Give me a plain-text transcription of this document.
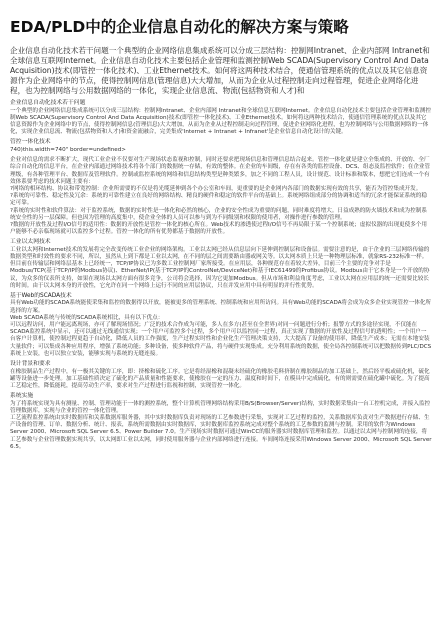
EDA/PLD中的企业信息自动化的解决方案与策略

企业信息自动化技术若干问题一个典型的企业网络信息集成系统可以分成三层结构：控制网Intranet、企业内部网 Intranet和全球信息互联网Internet。企业信息自动化技术主要包括企业管理和监测控制Web SCADA(Supervisory Control And Data Acquisition)技术(即管控一体化技术)、工业Ethernet技术。如何将这两种技术结合，使通信管理系统的优点以及其它信息资源作为企业网络中的节点，使得控制网信息(管理信息)大大增加，从而为企业从过程控制走向过程管理，促进企业网络化进程，也为控制网络与公用数据网络的一体化，实现企业信息流、物流(包括物资和人才)和

企业信息自动化技术若干问题

一个典型的企业网络信息集成系统可以分成三层结构：控制网Intranet、企业内部网 Intranet和全球信息互联网Internet。企业信息自动化技术主要包括企业管理和监测控制Web SCADA(Supervisory Control And Data Acquisition)技术(即管控一体化技术)、工业Ethernet技术。如何将这两种技术结合，使通信管理系统的优点以及其它信息资源作为企业网络中的节点，使得控制网信息(管理信息)大大增加，从而为企业从过程控制走向过程管理，促进企业网络化进程，也为控制网络与公用数据网络的一体化，实现企业信息流、物流(包括物资和人才)和资金流融合，完美集成'Internet + Intranet + Infranet'是企业信息自动化设计的关键。

管控一体化技术

740)this.width=740" border=undefined>

企业对信息的需求不断扩大，现代工业企业不仅要对生产现场状态监视和控制，同时还要求把现场信息和管理信息结合起来。管控一体化就是建立全集成的、开放的、全厂综合自动化的信息平台，在企业内部通过网络技术将各个部门的数据统一存储，有效的整体。在企业的车间级，存在有各类的监控设备、DCS、组态及监控软件；在企业管理级，有各种管理平台、数据库及管理软件。控制或监控系统的网络和信息结构类型是种类繁多，加之不同的工程人员，设计规范、设计标准和版本，想把它们连成一个有效体系要考虑的技术问题主要有：
?网络的相环结构、协议和带宽控制：企业所需要的不仅是将光缆延伸到各个办公室和车间，更重要的是企业网内各部门的数据实现有效的共享，能否为管控集成开发。
?系统的可靠性、稳定性及冗余：系统的可靠性建立在良好的网络结构、精良的硬件和稳定的软件平台的基础上。系统网络组成部分的协调和适当的冗余才能保证系统的稳定可靠。
?系统的实时性和软件算法：对于监控系统，数据的实时性是一体化和必然的核心，企业的安全性成为重要的问题，同时难度将增大。日益成熟的防火墙技术和成为控制系统安全性的另一层保障。但也因为管理的高度集中，使企业全体的人员可以参与到为不同级别和权限的使用者，对操作进行参数的管理。
?数据的开放性及过程I/O信号的适用性：数据的开放性是管控一体化的核心所在。Web技术的渗透使过程I/O信号不再局限于某一个控制系统；虚拟仪器的出现更使多个用户能够不必亲临现场就可以监控多个过程。管控一体化的所有优势都基于数据的开放性。

工业以太网技术

工业以太网和Internet技术的发展将完全改变传统工业企业的网络架构。工业以太网已经从信息层向下延伸到控制层和设备层。需要注意的是，由于企业的三层网络传输的数据类型和时效性的要求不同，所以，虽然从上到下都是工业以太网，在不同的层之间需要路由器或网关等。以太网本质上只是一种物理层标准，就象RS-232标准一样。但目前在传输层和网络层基本上已经统一，TCP/IP协议已为多数工业控制网厂家所接受。在应用层，各种规范存在着较大差异，目前三个主要的竞争对手是Modbus/TCP(基于TCP/IP的Modbus协议)、EtherNet/IP(基于TCP/IP的ControlNet/DeviceNet)和基于IEC61499的Profibus协议。Modbus由于它本身是一个开放的协议，为众多的仪表所支持，如果在现场以太网方面有很多竞争，公司将会选择，因为它更加Modbus。但从市场和利益角度考虑，工业以太网在应用层的统一还需要比较长的时间。由于以太网本身的开放性，它允许在同一个网络上运行不同的应用层协议，只在并发应用中具有明显的并行性优势。

基于Web的SCADA技术

具有Web功能的SCADA系统能使采集和监控的数据得以开放，能被更多的管理系统、控制系统和应用所访问。具有Web功能的SCADA将会成为众多企业实现管控一体化所选择的方案。
Web SCADA系统与传统的SCADA系统相比，具有以下优点：
可以远程访问，用户能远离现场，亦可了解现场情况；广泛的技术合作成为可能，多人在多方(甚至在全世界)对同一问题进行分析；报警方式的多途径实现，不仅能在SCADA监控系统中显示，还可以通过无线通信实现；一个用户可监控多个过程，多个用户可以监控同一过程，真正实现了数据的开放性及过程信号的透明性；一个用户一台客户计算机，使控制过程更趋于自动化，降低人员的工作强度，生产过程实时性和企业化生产管理决策支持，大大提高了设备的使用率，降低生产成本；无需在本地安装大量软件；可以集成各种应用程序，增强了系统功能；多种设备，使多种软件产品，将与硬件实现集成。充分利用系统的数据，使全局各控制系统可以把数据传到PLC/DCS系统上安装，也可以独立安装，能够实现与系统的无缝连接。

设计背景和要求

在橡胶制品生产过程中，有一极其关键的工序，即：挤橡和硫化工序。它是将经湿橡和混凝未经硫化的橡胶毛料挤制在橡胶制品的加工基础上，然后经平板或硫化机，硫化罐等设备进一步处理。加工基础性质决定了硫化的产品质量和性能要求，使橡胶在一定的压力、温度和时间下，在模具中完成硫化，有的则需要在硫化罐中硫化。为了提高工艺稳定性，降低能耗，提高劳动生产率，要求对生产过程进行监视和控制，实现管控一体化。

系统实施

为了将系统实现为具有测量、控制、管理功能于一体的测控系统，整个计算机管理网络结构采用B/S(Browser/Server)结构，实时数据采集由一台工控机完成，并接入监控管理数据库，实现与企业的管控一体化管理。
工艺流程监控系统由实时数据库和关系数据库服务器，其中实时数据库负责对现场的工艺参数进行采集，实现对工艺过程的监控，关系数据库负责对生产数据进行存储、生产设备的管理、订单、数据分析、统计、报表，系统所需数据由实时数据库，实时数据库监控系统完成对整个系统的工艺参数的监测与控制。采用的软件为Windows Server 2000、Microsoft SQL Server 6.5、Power Builder 7.0。生产现场实时数据可通过WinCC的服务器实时数据库管理和监控。以通过以太网与控制网的连接，将工艺参数与企业管理数据实现共享，以太网即工业以太网，同时使用服务器与企业内部网络进行连接。车间网络连接采用Windows Server 2000、Microsoft SQL Server 6.5。
